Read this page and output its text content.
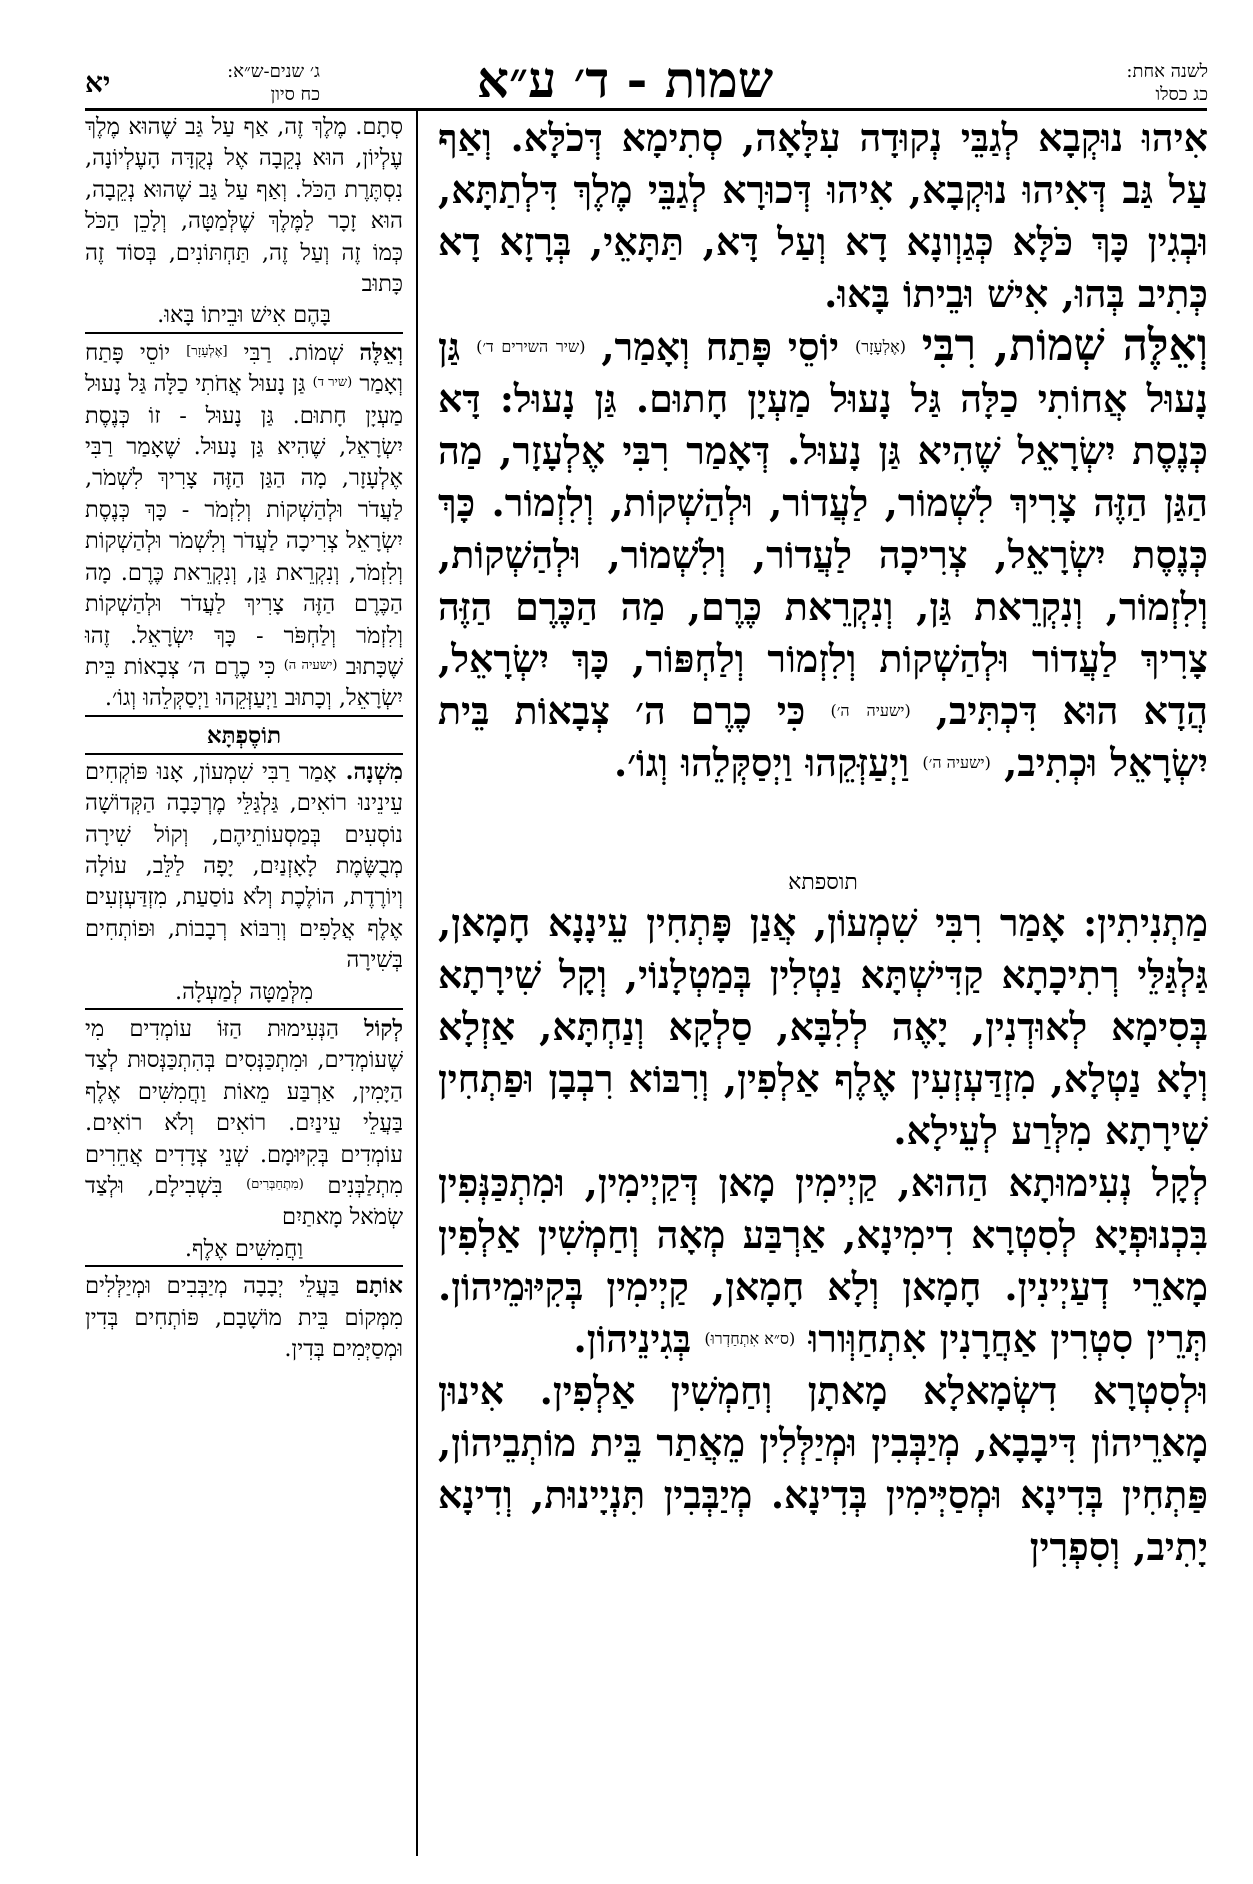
לשנה אחת:
כג כסלו
שמות - ד׳ ע״א
ג׳ שנים-ש״א:
כח סיון
יא

אִיהוּ נוּקְבָא לְגַבֵּי נְקוּדָה עִלָּאָה, סְתִימָא דְּכֹלָּא. וְאַף עַל גַּב דְּאִיהוּ נוּקְבָא, אִיהוּ דְּכוּרָא לְגַבֵּי מֶלֶךְ דִּלְתַתָּא, וּבְגִין כָּךְ כֹּלָּא כְּגַוְונָא דָא וְעַל דָּא, תַּתָּאֵי, בְּרָזָא דָא כְּתִיב בְּהוּ, אִישׁ וּבֵיתוֹ בָּאוּ.

וְאֵלֶּה שְׁמוֹת, רִבִּי $^{(אֶלְעָזָר)}$ יוֹסֵי פָּתַח וְאָמַר, $^{(שיר השירים ד׳)}$ גַּן נָעוּל אֲחוֹתִי כַלָּה גַּל נָעוּל מַעְיָן חָתוּם. גַּן נָעוּל: דָּא כְּנֶסֶת יִשְׂרָאֵל שֶׁהִיא גַּן נָעוּל. דְּאָמַר רִבִּי אֶלְעָזָר, מַה הַגַּן הַזֶּה צָרִיךְ לִשְׁמוֹר, לַעֲדוֹר, וּלְהַשְׁקוֹת, וְלִזְמוֹר. כָּךְ כְּנֶסֶת יִשְׂרָאֵל, צְרִיכָה לַעֲדוֹר, וְלִשְׁמוֹר, וּלְהַשְׁקוֹת, וְלִזְמוֹר, וְנִקְרֵאת גַּן, וְנִקְרֵאת כֶּרֶם, מַה הַכֶּרֶם הַזֶּה צָרִיךְ לַעֲדוֹר וּלְהַשְׁקוֹת וְלִזְמוֹר וְלַחְפּוֹר, כָּךְ יִשְׂרָאֵל, הֲדָא הוּא דִּכְתִּיב, $^{(ישעיה ה׳)}$ כִּי כֶרֶם ה׳ צְבָאוֹת בֵּית יִשְׂרָאֵל וּכְתִיב, $^{(ישעיה ה׳)}$ וַיְעַזְּקֵהוּ וַיְסַקְּלֵהוּ וְגוֹ׳.

תוספתא

מַתְנִיתִין: אָמַר רִבִּי שִׁמְעוֹן, אֲנַן פָּתְחִין עֵינָנָא חָמָאן, גַּלְגַּלֵּי רְתִיכָתָא קַדִּישְׁתָּא נַטְלִין בְּמַטְלָנוֹי, וְקָל שִׁירָתָא בְּסִימָא לְאוּדְנִין, יָאֶה לְלִבָּא, סַלְקָא וְנַחְתָּא, אַזְלָא וְלָא נַטְלָא, מִזְדַּעְזְעִין אֶלֶף אַלְפִין, וְרִבּוֹא רִבְבָן וּפַתְחִין שִׁירָתָא מִלְּרַע לְעֵילָא.

לְקָל נְעִימוּתָא הַהוּא, קַיְימִין מָאן דְּקַיְימִין, וּמִתְכַּנְּפִין בִּכְנוּפְיָא לְסִטְרָא דִימִינָא, אַרְבַּע מְאָה וְחַמְשִׁין אַלְפִין מָארֵי דְעַיְינִין. חָמָאן וְלָא חָמָאן, קַיְימִין בְּקִיּוּמֵיהוֹן. תְּרֵין סִטְרִין אַחֲרָנִין אִתְחַוְּורוּ $^{(ס״א אִתְחַדְרוּ)}$ בְּגִינֵיהוֹן.

וּלְסִטְרָא דִשְׂמָאלָא מָאתָן וְחַמְשִׁין אַלְפִין. אִינוּן מָארֵיהוֹן דִּיבָבָא, מְיַבְּבִין וּמְיַלְּלִין מֵאֲתַר בֵּית מוֹתְבֵיהוֹן, פַּתְחִין בְּדִינָא וּמְסַיְּימִין בְּדִינָא. מְיַבְּבִין תִּנְיָינוּת, וְדִינָא יָתִיב, וְסִפְרִין

סְתָם. מֶלֶךְ זֶה, אַף עַל גַּב שֶׁהוּא מֶלֶךְ עֶלְיוֹן, הוּא נְקֵבָה אֶל נְקֻדָּה הָעֶלְיוֹנָה, נִסְתֶּרֶת הַכֹּל. וְאַף עַל גַּב שֶׁהוּא נְקֵבָה, הוּא זָכָר לַמֶּלֶךְ שֶׁלְּמַטָּה, וְלָכֵן הַכֹּל כְּמוֹ זֶה וְעַל זֶה, תַּחְתּוֹנִים, בְּסוֹד זֶה כָּתוּב

בָּהֶם אִישׁ וּבֵיתוֹ בָּאוּ.

וְאֵלֶּה שְׁמוֹת. רַבִּי [אֶלְעָזָר] יוֹסֵי פָּתַח וְאָמַר $^{(שיר ד)}$ גַּן נָעוּל אֲחֹתִי כַלָּה גַּל נָעוּל מַעְיָן חָתוּם. גַּן נָעוּל - זוֹ כְּנֶסֶת יִשְׂרָאֵל, שֶׁהִיא גַּן נָעוּל. שֶׁאָמַר רַבִּי אֶלְעָזָר, מָה הַגַּן הַזֶּה צָרִיךְ לִשְׁמֹר, לַעֲדֹר וּלְהַשְׁקוֹת וְלִזְמֹר - כָּךְ כְּנֶסֶת יִשְׂרָאֵל צְרִיכָה לַעֲדֹר וְלִשְׁמֹר וּלְהַשְׁקוֹת וְלִזְמֹר, וְנִקְרֵאת גַּן, וְנִקְרֵאת כֶּרֶם. מָה הַכֶּרֶם הַזֶּה צָרִיךְ לַעֲדֹר וּלְהַשְׁקוֹת וְלִזְמֹר וְלַחְפֹּר - כָּךְ יִשְׂרָאֵל. זֶהוּ שֶׁכָּתוּב $^{(ישעיה ה)}$ כִּי כֶרֶם ה׳ צְבָאוֹת בֵּית יִשְׂרָאֵל, וְכָתוּב וַיְעַזְּקֵהוּ וַיְסַקְּלֵהוּ וְגוֹ׳.

תוֹסֶפְתָּא

מִשְׁנָה. אָמַר רַבִּי שִׁמְעוֹן, אָנוּ פּוֹקְחִים עֵינֵינוּ רוֹאִים, גַּלְגַּלֵּי מֶרְכָּבָה הַקְּדוֹשָׁה נוֹסְעִים בְּמַסְעוֹתֵיהֶם, וְקוֹל שִׁירָה מְבֻשֶּׂמֶת לָאָזְנַיִם, יָפָה לַלֵּב, עוֹלָה וְיוֹרֶדֶת, הוֹלֶכֶת וְלֹא נוֹסַעַת, מִזְדַּעְזְעִים אֶלֶף אֲלָפִים וְרִבּוֹא רְבָבוֹת, וּפוֹתְחִים בְּשִׁירָה

מִלְּמַטָּה לְמַעְלָה.

לְקוֹל הַנְּעִימוּת הַזּוֹ עוֹמְדִים מִי שֶׁעוֹמְדִים, וּמִתְכַּנְּסִים בְּהִתְכַּנְּסוּת לְצַד הַיָּמִין, אַרְבַּע מֵאוֹת וַחֲמִשִּׁים אֶלֶף בַּעֲלֵי עֵינַיִם. רוֹאִים וְלֹא רוֹאִים. עוֹמְדִים בְּקִיּוּמָם. שְׁנֵי צְדָדִים אֲחֵרִים מִתְלַבְּנִים $^{(מִתְחַבְּרִים)}$ בִּשְׁבִילָם, וּלְצַד שְׂמֹאל מָאתַיִם

וַחֲמִשִּׁים אֶלֶף.

אוֹתָם בַּעֲלֵי יְבָבָה מְיַבְּבִים וּמְיַלְּלִים מִמְּקוֹם בֵּית מוֹשָׁבָם, פּוֹתְחִים בְּדִין וּמְסַיְּמִים בְּדִין.
